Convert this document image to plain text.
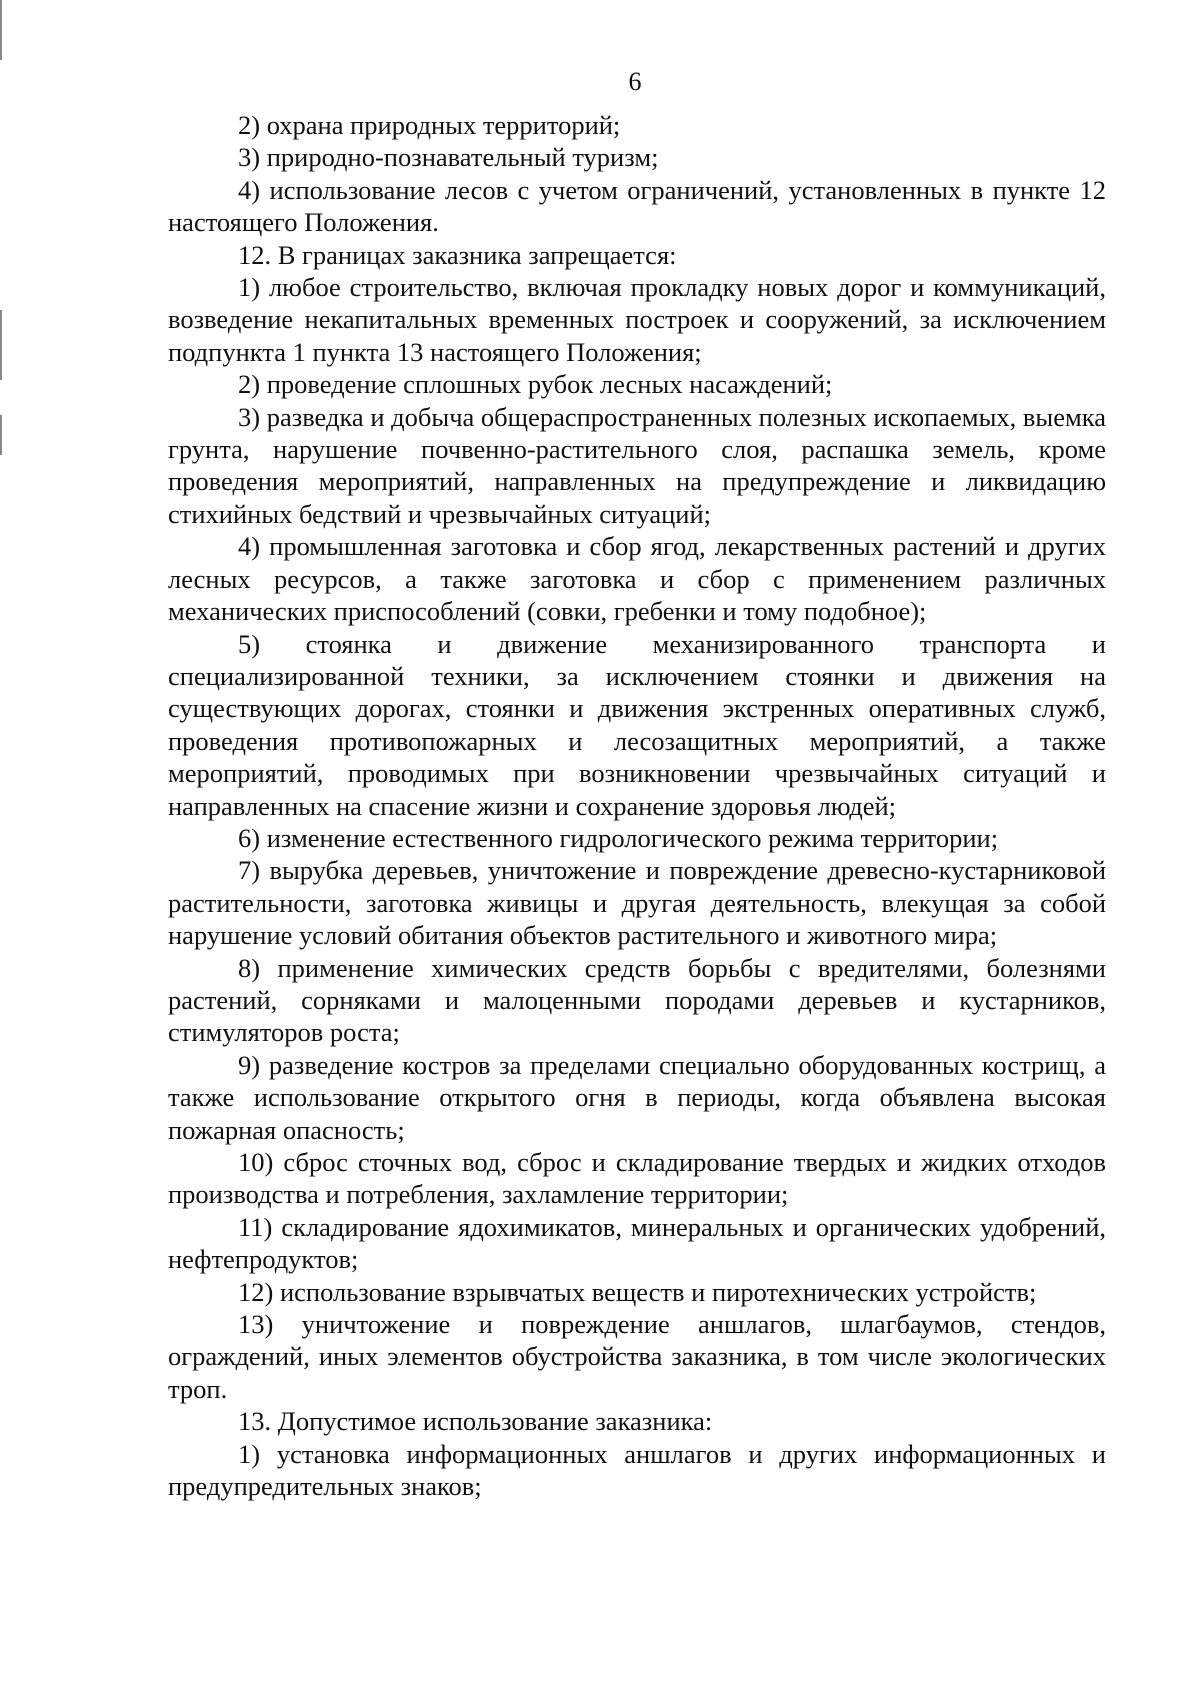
6

2) охрана природных территорий;

3) природно-познавательный туризм;

4) использование лесов с учетом ограничений, установленных в пункте 12 настоящего Положения.

12. В границах заказника запрещается:

1) любое строительство, включая прокладку новых дорог и коммуникаций, возведение некапитальных временных построек и сооружений, за исключением подпункта 1 пункта 13 настоящего Положения;

2) проведение сплошных рубок лесных насаждений;

3) разведка и добыча общераспространенных полезных ископаемых, выемка грунта, нарушение почвенно-растительного слоя, распашка земель, кроме проведения мероприятий, направленных на предупреждение и ликвидацию стихийных бедствий и чрезвычайных ситуаций;

4) промышленная заготовка и сбор ягод, лекарственных растений и других лесных ресурсов, а также заготовка и сбор с применением различных механических приспособлений (совки, гребенки и тому подобное);

5) стоянка и движение механизированного транспорта и специализированной техники, за исключением стоянки и движения на существующих дорогах, стоянки и движения экстренных оперативных служб, проведения противопожарных и лесозащитных мероприятий, а также мероприятий, проводимых при возникновении чрезвычайных ситуаций и направленных на спасение жизни и сохранение здоровья людей;

6) изменение естественного гидрологического режима территории;

7) вырубка деревьев, уничтожение и повреждение древесно-кустарниковой растительности, заготовка живицы и другая деятельность, влекущая за собой нарушение условий обитания объектов растительного и животного мира;

8) применение химических средств борьбы с вредителями, болезнями растений, сорняками и малоценными породами деревьев и кустарников, стимуляторов роста;

9) разведение костров за пределами специально оборудованных кострищ, а также использование открытого огня в периоды, когда объявлена высокая пожарная опасность;

10) сброс сточных вод, сброс и складирование твердых и жидких отходов производства и потребления, захламление территории;

11) складирование ядохимикатов, минеральных и органических удобрений, нефтепродуктов;

12) использование взрывчатых веществ и пиротехнических устройств;

13) уничтожение и повреждение аншлагов, шлагбаумов, стендов, ограждений, иных элементов обустройства заказника, в том числе экологических троп.

13. Допустимое использование заказника:

1) установка информационных аншлагов и других информационных и предупредительных знаков;
